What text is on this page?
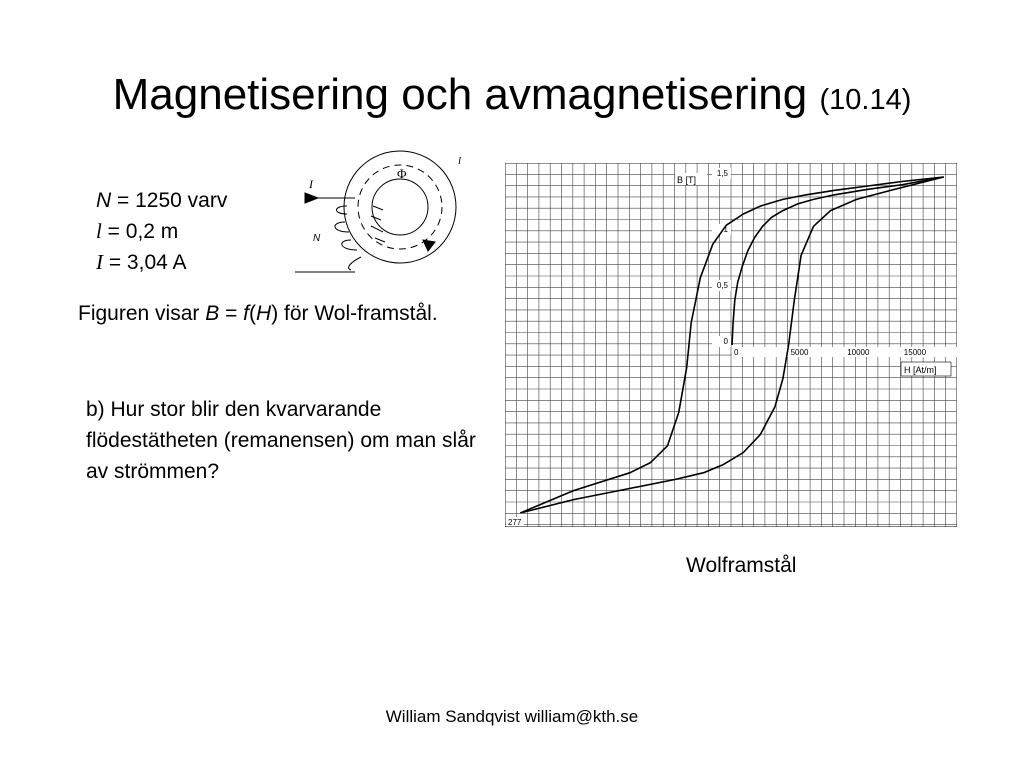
Magnetisering och avmagnetisering (10.14)
Φ
l
I
N
N = 1250 varv
l = 0,2 m
I = 3,04 A
Figuren visar B = f(H) för Wol-framstål.
b) Hur stor blir den kvarvarande flödestätheten (remanensen) om man slår av strömmen?
0
0,5
1
1,5
0	5000	10000	15000
B [T]
H [At/m]
277
Wolframstål
William Sandqvist william@kth.se
